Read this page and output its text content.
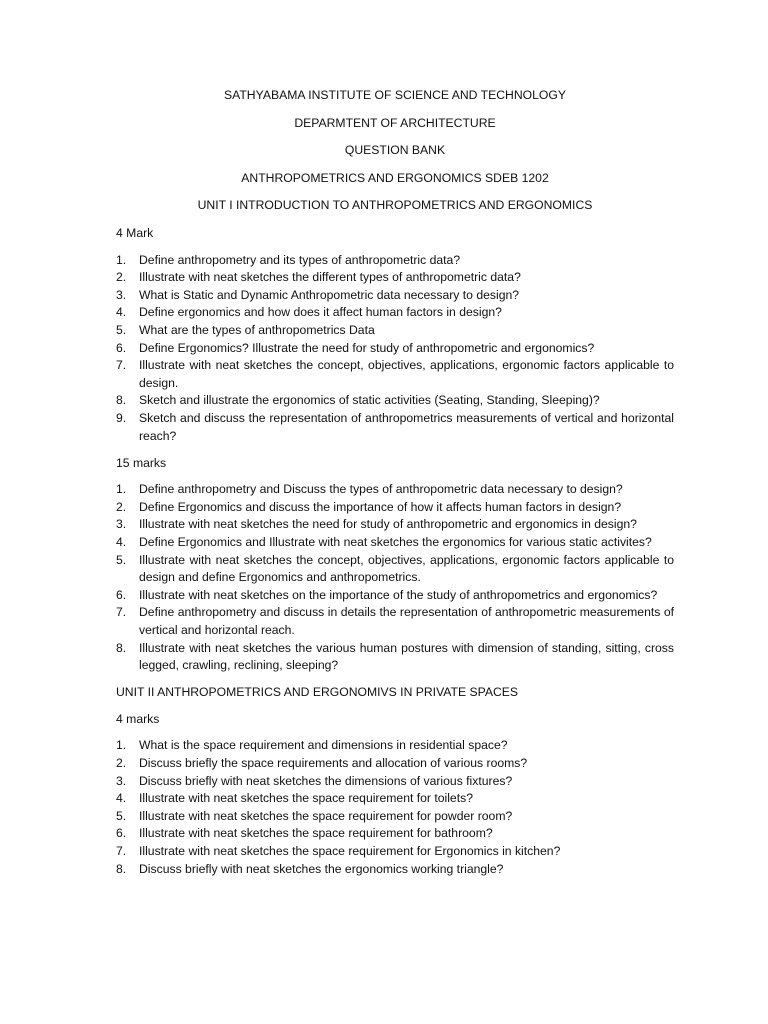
SATHYABAMA INSTITUTE OF SCIENCE AND TECHNOLOGY

DEPARMTENT OF ARCHITECTURE

QUESTION BANK

ANTHROPOMETRICS AND ERGONOMICS SDEB 1202

UNIT I INTRODUCTION TO ANTHROPOMETRICS AND ERGONOMICS

4 Mark

1. Define anthropometry and its types of anthropometric data?
2. Illustrate with neat sketches the different types of anthropometric data?
3. What is Static and Dynamic Anthropometric data necessary to design?
4. Define ergonomics and how does it affect human factors in design?
5. What are the types of anthropometrics Data
6. Define Ergonomics? Illustrate the need for study of anthropometric and ergonomics?
7. Illustrate with neat sketches the concept, objectives, applications, ergonomic factors applicable to design.
8. Sketch and illustrate the ergonomics of static activities (Seating, Standing, Sleeping)?
9. Sketch and discuss the representation of anthropometrics measurements of vertical and horizontal reach?

15 marks

1. Define anthropometry and Discuss the types of anthropometric data necessary to design?
2. Define Ergonomics and discuss the importance of how it affects human factors in design?
3. Illustrate with neat sketches the need for study of anthropometric and ergonomics in design?
4. Define Ergonomics and Illustrate with neat sketches the ergonomics for various static activites?
5. Illustrate with neat sketches the concept, objectives, applications, ergonomic factors applicable to design and define Ergonomics and anthropometrics.
6. Illustrate with neat sketches on the importance of the study of anthropometrics and ergonomics?
7. Define anthropometry and discuss in details the representation of anthropometric measurements of vertical and horizontal reach.
8. Illustrate with neat sketches the various human postures with dimension of standing, sitting, cross legged, crawling, reclining, sleeping?

UNIT II ANTHROPOMETRICS AND ERGONOMIVS IN PRIVATE SPACES

4 marks

1. What is the space requirement and dimensions in residential space?
2. Discuss briefly the space requirements and allocation of various rooms?
3. Discuss briefly with neat sketches the dimensions of various fixtures?
4. Illustrate with neat sketches the space requirement for toilets?
5. Illustrate with neat sketches the space requirement for powder room?
6. Illustrate with neat sketches the space requirement for bathroom?
7. Illustrate with neat sketches the space requirement for Ergonomics in kitchen?
8. Discuss briefly with neat sketches the ergonomics working triangle?
